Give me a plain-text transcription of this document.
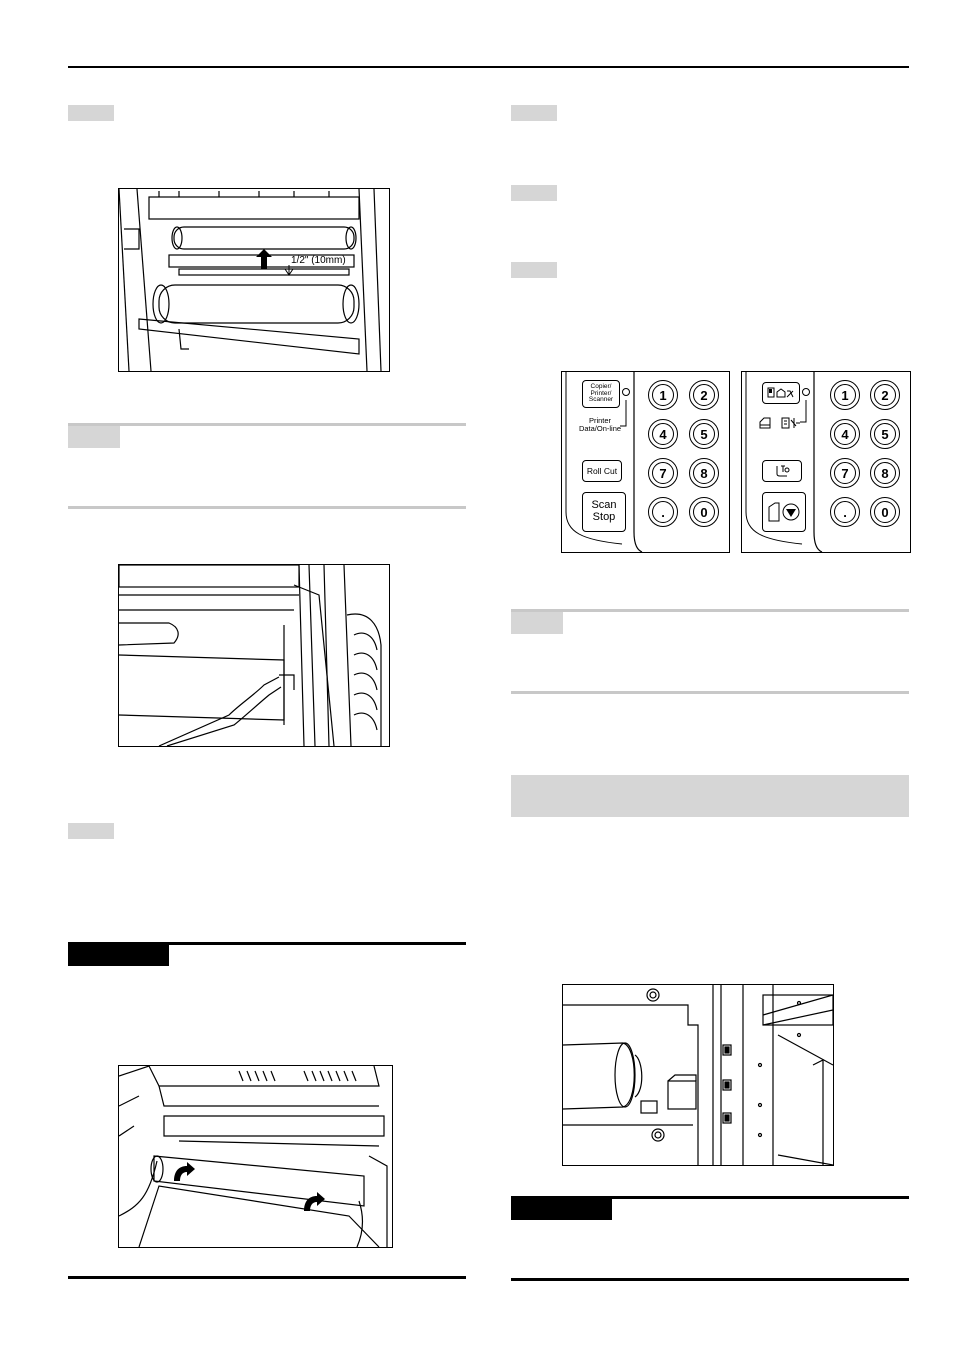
1/2" (10mm)
Copier/
Printer/
Scanner
Printer
Data/On-line
Roll Cut
Scan
Stop
1	2
4	5
7	8
.	0
1	2
4	5
7	8
.	0
